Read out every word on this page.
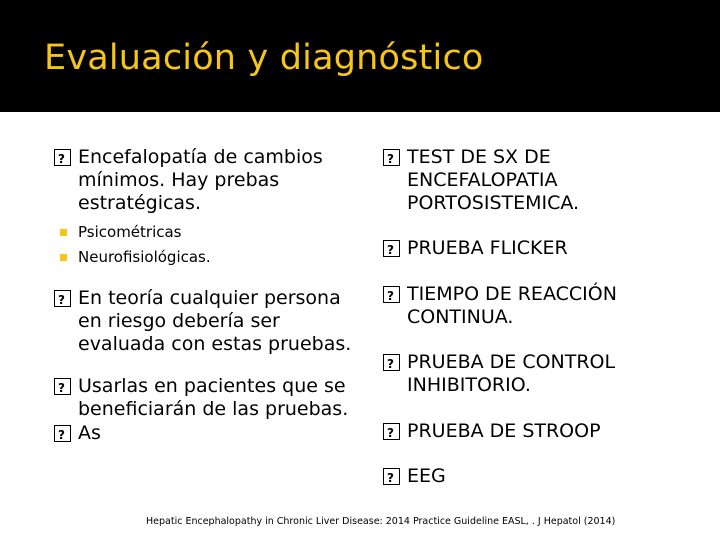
Evaluación y diagnóstico
?
Encefalopatía de cambios mínimos. Hay prebas estratégicas.
Psicométricas
Neurofisiológicas.
?
En teoría cualquier persona en riesgo debería ser evaluada con estas pruebas.
?
Usarlas en pacientes que se beneficiarán de las pruebas.
?
As
?
TEST DE SX DE ENCEFALOPATIA PORTOSISTEMICA.
?
PRUEBA FLICKER
?
TIEMPO DE REACCIÓN CONTINUA.
?
PRUEBA DE CONTROL INHIBITORIO.
?
PRUEBA DE STROOP
?
EEG
Hepatic Encephalopathy in Chronic Liver Disease: 2014 Practice Guideline EASL, . J Hepatol (2014)
